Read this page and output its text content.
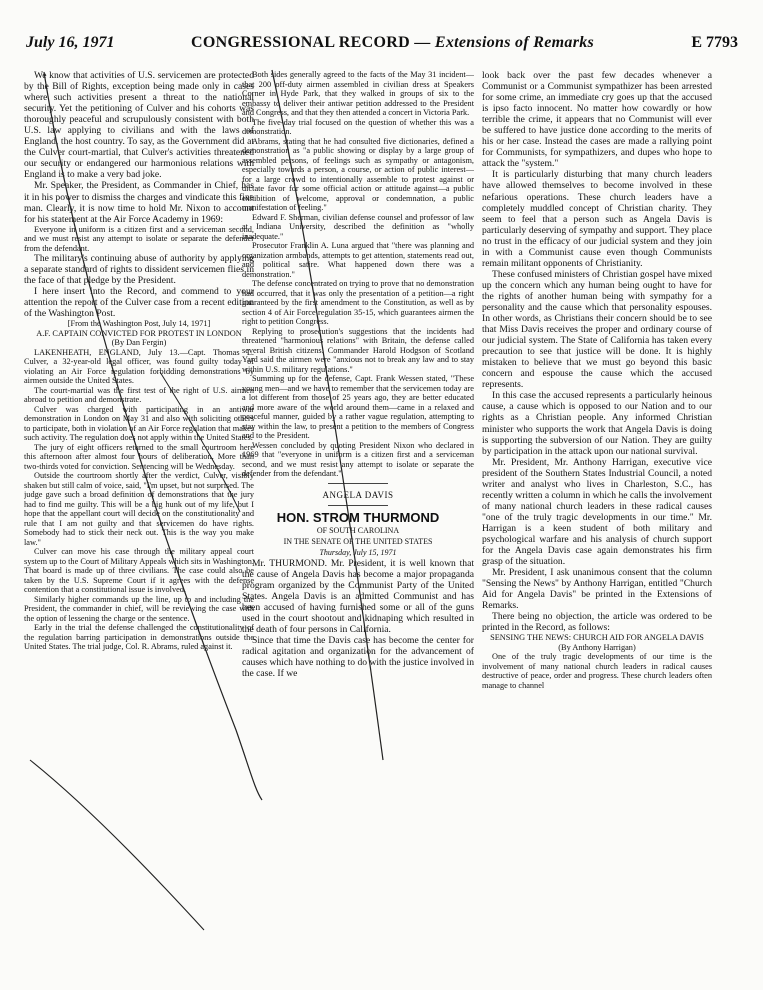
July 16, 1971	CONGRESSIONAL RECORD — Extensions of Remarks	E 7793

We know that activities of U.S. servicemen are protected by the Bill of Rights, exception being made only in cases where such activities present a threat to the national security. Yet the petitioning of Culver and his cohorts was thoroughly peaceful and scrupulously consistent with both U.S. law applying to civilians and with the laws of England, the host country. To say, as the Government did at the Culver court-martial, that Culver's activities threatened our security or endangered our harmonious relations with England is to make a very bad joke.

Mr. Speaker, the President, as Commander in Chief, has it in his power to dismiss the charges and vindicate this fine man. Clearly, it is now time to hold Mr. Nixon to account for his statement at the Air Force Academy in 1969:

Everyone in uniform is a citizen first and a serviceman second, and we must resist any attempt to isolate or separate the defender from the defendant.

The military's continuing abuse of authority by applying a separate standard of rights to dissident servicemen flies in the face of that pledge by the President.

I here insert into the Record, and commend to your attention the report of the Culver case from a recent edition of the Washington Post.

[From the Washington Post, July 14, 1971]

A.F. CAPTAIN CONVICTED FOR PROTEST IN LONDON

(By Dan Fergin)

LAKENHEATH, ENGLAND, July 13.—Capt. Thomas L. Culver, a 32-year-old legal officer, was found guilty today of violating an Air Force regulation forbidding demonstrations by airmen outside the United States.

The court-martial was the first test of the right of U.S. airmen abroad to petition and demonstrate.

Culver was charged with participating in an antiwar demonstration in London on May 31 and also with soliciting others to participate, both in violation of an Air Force regulation that makes such activity. The regulation does not apply within the United States.

The jury of eight officers returned to the small courtroom here this afternoon after almost four hours of deliberation. More than two-thirds voted for conviction. Sentencing will be Wednesday.

Outside the courtroom shortly after the verdict, Culver, visibly shaken but still calm of voice, said, "I'm upset, but not surprised. The judge gave such a broad definition of demonstrations that the jury had to find me guilty. This will be a big hunk out of my life, but I hope that the appellant court will decide on the constitutionality and rule that I am not guilty and that servicemen do have rights. Somebody had to stick their neck out. This is the way you make law."

Culver can move his case through the military appeal court system up to the Court of Military Appeals which sits in Washington. That board is made up of three civilians. The case could also be taken by the U.S. Supreme Court if it agrees with the defense contention that a constitutional issue is involved.

Similarly higher commands up the line, up to and including the President, the commander in chief, will be reviewing the case with the option of lessening the charge or the sentence.

Early in the trial the defense challenged the constitutionality of the regulation barring participation in demonstrations outside the United States. The trial judge, Col. R. Abrams, ruled against it.

Both sides generally agreed to the facts of the May 31 incident—that 200 off-duty airmen assembled in civilian dress at Speakers Corner in Hyde Park, that they walked in groups of six to the embassy to deliver their antiwar petition addressed to the President and Congress, and that they then attended a concert in Victoria Park.

The five-day trial focused on the question of whether this was a demonstration.

Abrams, stating that he had consulted five dictionaries, defined a demonstration as "a public showing or display by a large group of assembled persons, of feelings such as sympathy or antagonism, especially towards a person, a course, or action of public interest—for a large crowd to intentionally assemble to protest against or dictate favor for some official action or attitude against—a public exhibition of welcome, approval or condemnation, a public manifestation of feeling."

Edward F. Sherman, civilian defense counsel and professor of law at Indiana University, described the definition as "wholly inadequate."

Prosecutor Franklin A. Luna argued that "there was planning and organization armbands, attempts to get attention, statements read out, and political satire. What happened down there was a demonstration."

The defense concentrated on trying to prove that no demonstration had occurred, that it was only the presentation of a petition—a right guaranteed by the first amendment to the Constitution, as well as by section 4 of Air Force regulation 35-15, which guarantees airmen the right to petition Congress.

Replying to prosecution's suggestions that the incidents had threatened "harmonious relations" with Britain, the defense called several British citizens. Commander Harold Hodgson of Scotland Yard said the airmen were "anxious not to break any law and to stay within U.S. military regulations."

Summing up for the defense, Capt. Frank Wessen stated, "These young men—and we have to remember that the servicemen today are a lot different from those of 25 years ago, they are better educated and more aware of the world around them—came in a relaxed and peaceful manner, guided by a rather vague regulation, attempting to stay within the law, to present a petition to the members of Congress and to the President.

Wessen concluded by quoting President Nixon who declared in 1969 that "everyone in uniform is a citizen first and a serviceman second, and we must resist any attempt to isolate or separate the defender from the defendant."

ANGELA DAVIS
HON. STROM THURMOND
OF SOUTH CAROLINA
IN THE SENATE OF THE UNITED STATES
Thursday, July 15, 1971

Mr. THURMOND. Mr. President, it is well known that the cause of Angela Davis has become a major propaganda program organized by the Communist Party of the United States. Angela Davis is an admitted Communist and has been accused of having furnished some or all of the guns used in the court shootout and kidnaping which resulted in the death of four persons in California.

Since that time the Davis case has become the center for radical agitation and organization for the advancement of causes which have nothing to do with the justice involved in the case. If we

look back over the past few decades whenever a Communist or a Communist sympathizer has been arrested for some crime, an immediate cry goes up that the accused is ipso facto innocent. No matter how cowardly or how terrible the crime, it appears that no Communist will ever be suffered to have justice done according to the merits of his or her case. Instead the cases are made a rallying point for Communists, for sympathizers, and dupes who hope to attack the "system."

It is particularly disturbing that many church leaders have allowed themselves to become involved in these nefarious operations. These church leaders have a completely muddled concept of Christian charity. They seem to feel that a person such as Angela Davis is particularly deserving of sympathy and support. They place no trust in the efficacy of our judicial system and they join in with a Communist cause even though Communists remain militant opponents of Christianity.

These confused ministers of Christian gospel have mixed up the concern which any human being ought to have for the rights of another human being with sympathy for a personality and the cause which that personality espouses. In other words, as Christians their concern should be to see that Miss Davis receives the proper and ordinary course of our judicial system. The State of California has taken every precaution to see that justice will be done. It is highly mistaken to believe that we must go beyond this basic concern and espouse the cause which the accused represents.

In this case the accused represents a particularly heinous cause, a cause which is opposed to our Nation and to our rights as a Christian people. Any informed Christian minister who supports the work that Angela Davis is doing is supporting the subversion of our Nation. They are guilty by participation in the attack upon our national survival.

Mr. President, Mr. Anthony Harrigan, executive vice president of the Southern States Industrial Council, a noted writer and analyst who lives in Charleston, S.C., has recently written a column in which he calls the involvement of many national church leaders in these radical causes "one of the truly tragic developments in our time." Mr. Harrigan is a keen student of both military and psychological warfare and his analysis of church support for the Angela Davis case again demonstrates his firm grasp of the situation.

Mr. President, I ask unanimous consent that the column "Sensing the News" by Anthony Harrigan, entitled "Church Aid for Angela Davis" be printed in the Extensions of Remarks.

There being no objection, the article was ordered to be printed in the Record, as follows:

SENSING THE NEWS: CHURCH AID FOR ANGELA DAVIS

(By Anthony Harrigan)

One of the truly tragic developments of our time is the involvement of many national church leaders in radical causes destructive of peace, order and progress. These church leaders often manage to channel
